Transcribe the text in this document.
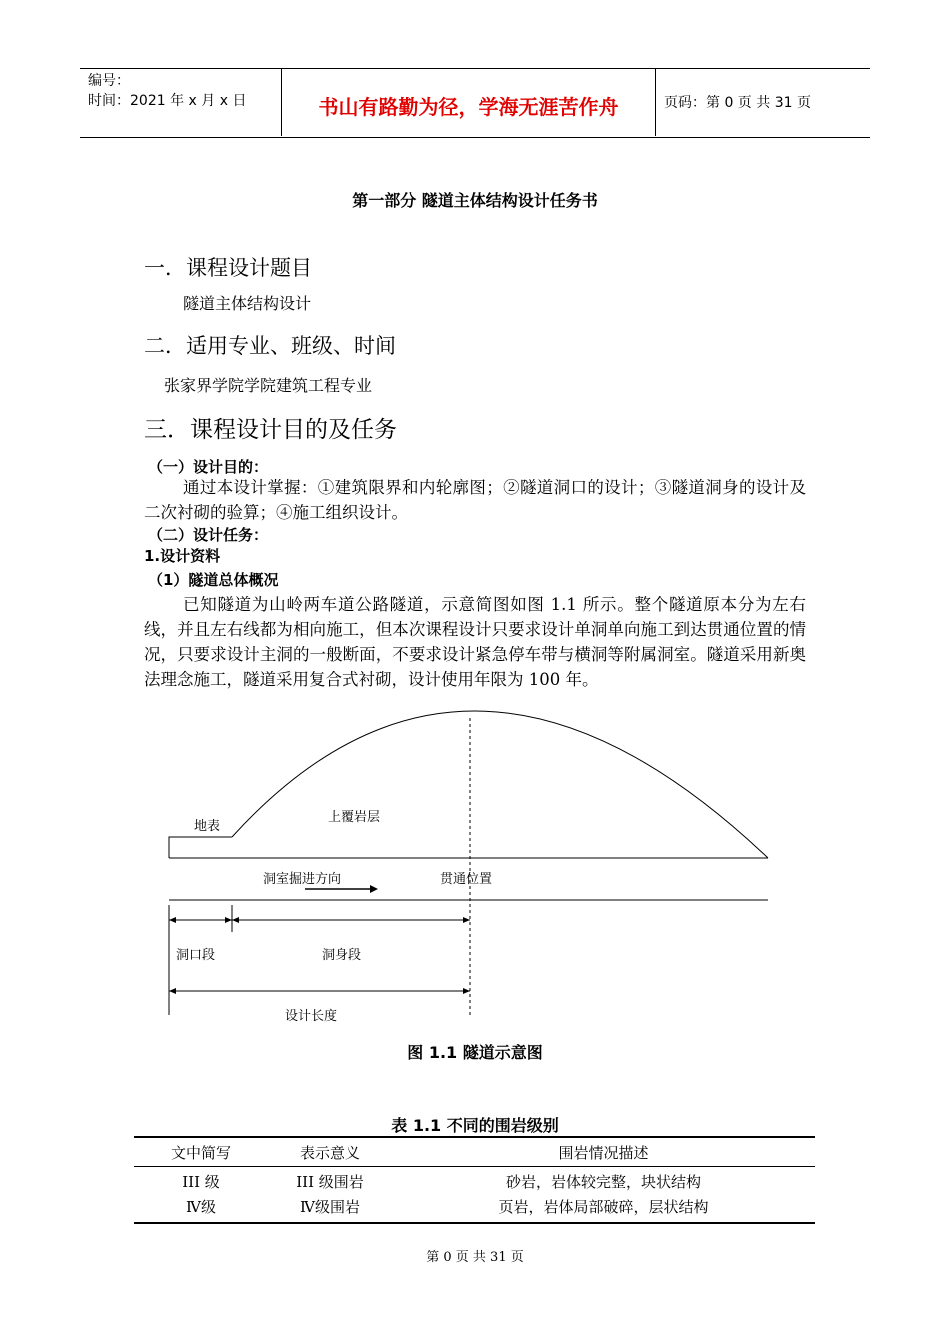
编号：
时间：2021 年 x 月 x 日	书山有路勤为径，学海无涯苦作舟	页码：第 0 页 共 31 页
第一部分 隧道主体结构设计任务书
一．课程设计题目
隧道主体结构设计
二．适用专业、班级、时间
张家界学院学院建筑工程专业
三．课程设计目的及任务
（一）设计目的：
通过本设计掌握：①建筑限界和内轮廓图；②隧道洞口的设计；③隧道洞身的设计及二次衬砌的验算；④施工组织设计。
（二）设计任务：
1.设计资料
（1）隧道总体概况
已知隧道为山岭两车道公路隧道，示意简图如图 1.1 所示。整个隧道原本分为左右线，并且左右线都为相向施工，但本次课程设计只要求设计单洞单向施工到达贯通位置的情况，只要求设计主洞的一般断面，不要求设计紧急停车带与横洞等附属洞室。隧道采用新奥法理念施工，隧道采用复合式衬砌，设计使用年限为 100 年。
地表
上覆岩层
洞室掘进方向	贯通位置
洞口段	洞身段
设计长度
图 1.1 隧道示意图
表 1.1 不同的围岩级别
文中简写	表示意义	围岩情况描述
III 级	III 级围岩	砂岩，岩体较完整，块状结构
Ⅳ级	Ⅳ级围岩	页岩，岩体局部破碎，层状结构
第 0 页 共 31 页
